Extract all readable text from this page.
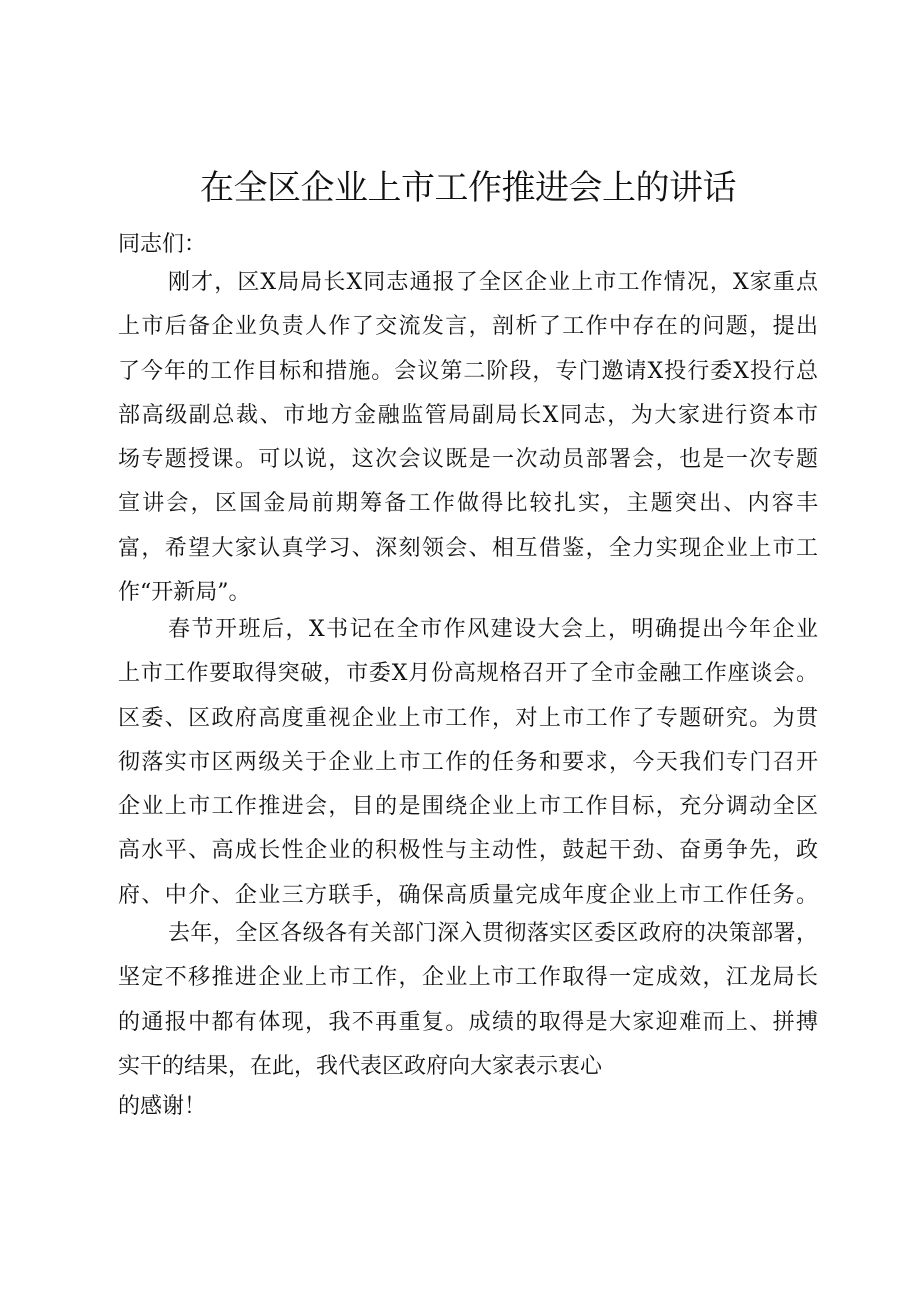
在全区企业上市工作推进会上的讲话
同志们：
刚才，区X局局长X同志通报了全区企业上市工作情况，X家重点
上市后备企业负责人作了交流发言，剖析了工作中存在的问题，提出
了今年的工作目标和措施。会议第二阶段，专门邀请X投行委X投行总
部高级副总裁、市地方金融监管局副局长X同志，为大家进行资本市
场专题授课。可以说，这次会议既是一次动员部署会，也是一次专题
宣讲会，区国金局前期筹备工作做得比较扎实，主题突出、内容丰
富，希望大家认真学习、深刻领会、相互借鉴，全力实现企业上市工
作“开新局”。
春节开班后，X书记在全市作风建设大会上，明确提出今年企业
上市工作要取得突破，市委X月份高规格召开了全市金融工作座谈会。
区委、区政府高度重视企业上市工作，对上市工作了专题研究。为贯
彻落实市区两级关于企业上市工作的任务和要求，今天我们专门召开
企业上市工作推进会，目的是围绕企业上市工作目标，充分调动全区
高水平、高成长性企业的积极性与主动性，鼓起干劲、奋勇争先，政
府、中介、企业三方联手，确保高质量完成年度企业上市工作任务。
去年，全区各级各有关部门深入贯彻落实区委区政府的决策部署，
坚定不移推进企业上市工作，企业上市工作取得一定成效，江龙局长
的通报中都有体现，我不再重复。成绩的取得是大家迎难而上、拼搏
实干的结果，在此，我代表区政府向大家表示衷心
的感谢！
